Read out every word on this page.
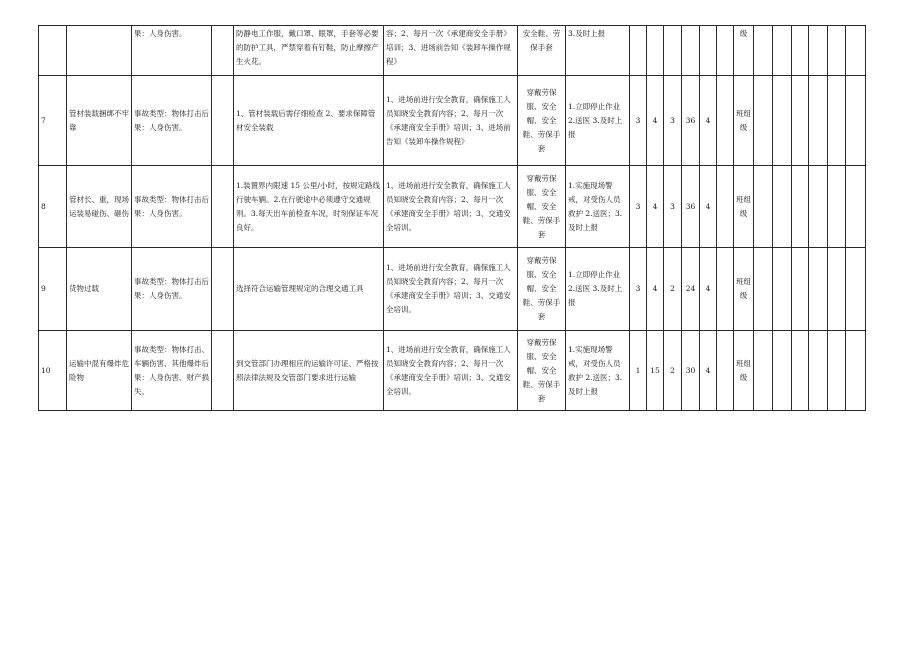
		果：人身伤害。		防静电工作服，戴口罩、眼罩，手套等必要的防护工具，严禁穿着有钉鞋，防止摩擦产生火花。	容；2、每月一次《承建商安全手册》培训；3、进场前告知《装卸车操作规程》	安全鞋、劳保手套	3.及时上报							级						
7	管材装载捆绑不牢靠	事故类型：物体打击后果：人身伤害。		1、管材装载后需仔细检查 2、要求保障管材安全装载	1、进场前进行安全教育，确保施工人员知晓安全教育内容；2、每月一次《承建商安全手册》培训；3、进场前告知《装卸车操作规程》	穿戴劳保服、安全帽、安全鞋、劳保手套	1.立即停止作业 2.送医 3.及时上报	3	4	3	36	4		班组级						
8	管材长、重，现场运装易碰伤、砸伤	事故类型：物体打击后果：人身伤害。		1.装置界内限速 15 公里/小时，按规定路线行驶车辆。2.在行驶途中必须遵守交通规则。3.每天出车前检查车况，时刻保证车况良好。	1、进场前进行安全教育，确保施工人员知晓安全教育内容；2、每月一次《承建商安全手册》培训；3、交通安全培训。	穿戴劳保服、安全帽、安全鞋、劳保手套	1.实施现场警戒，对受伤人员救护 2.送医；3.及时上报	3	4	3	36	4		班组级						
9	货物过载	事故类型：物体打击后果：人身伤害。		选择符合运输管理规定的合理交通工具	1、进场前进行安全教育，确保施工人员知晓安全教育内容；2、每月一次《承建商安全手册》培训；3、交通安全培训。	穿戴劳保服、安全帽、安全鞋、劳保手套	1.立即停止作业 2.送医 3.及时上报	3	4	2	24	4		班组级						
10	运输中混有爆炸危险物	事故类型：物体打击、车辆伤害、其他爆炸后果：人身伤害、财产损失。		到交管部门办理相应的运输许可证、严格按照法律法规及交管部门要求进行运输	1、进场前进行安全教育，确保施工人员知晓安全教育内容；2、每月一次《承建商安全手册》培训；3、交通安全培训。	穿戴劳保服、安全帽、安全鞋、劳保手套	1.实施现场警戒，对受伤人员救护 2.送医；3.及时上报	1	15	2	30	4		班组级						
